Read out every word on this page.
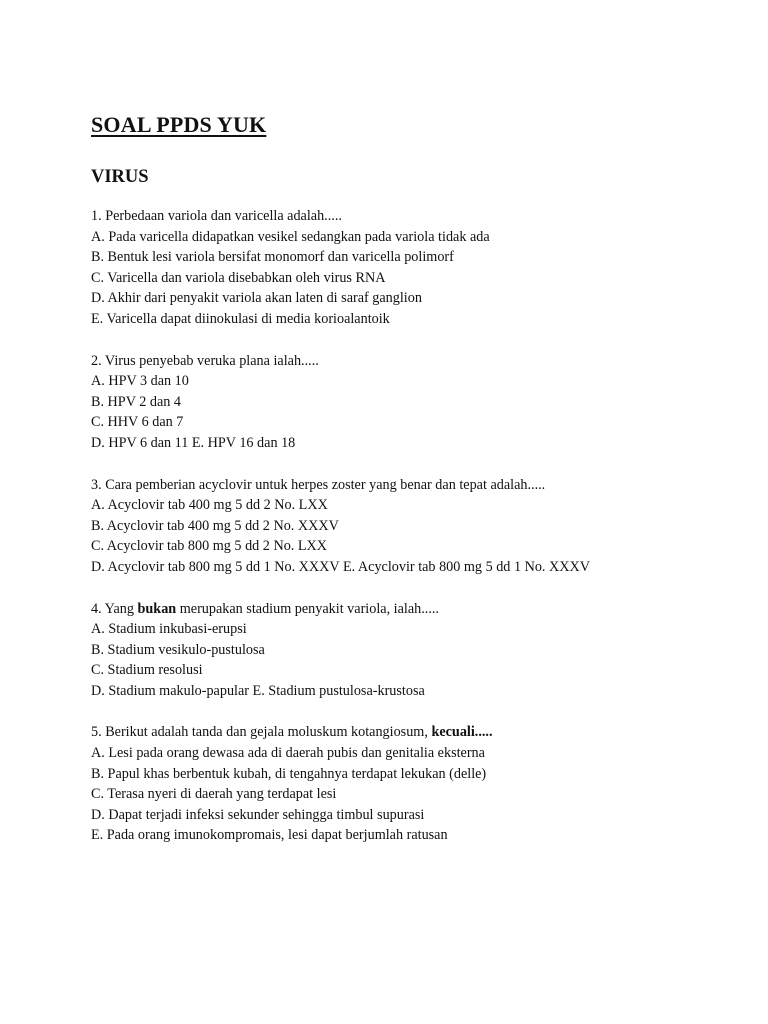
SOAL PPDS YUK
VIRUS
1. Perbedaan variola dan varicella adalah.....
A. Pada varicella didapatkan vesikel sedangkan pada variola tidak ada
B. Bentuk lesi variola bersifat monomorf dan varicella polimorf
C. Varicella dan variola disebabkan oleh virus RNA
D. Akhir dari penyakit variola akan laten di saraf ganglion
E. Varicella dapat diinokulasi di media korioalantoik
2. Virus penyebab veruka plana ialah.....
A. HPV 3 dan 10
B. HPV 2 dan 4
C. HHV 6 dan 7
D. HPV 6 dan 11 E. HPV 16 dan 18
3. Cara pemberian acyclovir untuk herpes zoster yang benar dan tepat adalah.....
A. Acyclovir tab 400 mg 5 dd 2 No. LXX
B. Acyclovir tab 400 mg 5 dd 2 No. XXXV
C. Acyclovir tab 800 mg 5 dd 2 No. LXX
D. Acyclovir tab 800 mg 5 dd 1 No. XXXV E. Acyclovir tab 800 mg 5 dd 1 No. XXXV
4. Yang bukan merupakan stadium penyakit variola, ialah.....
A. Stadium inkubasi-erupsi
B. Stadium vesikulo-pustulosa
C. Stadium resolusi
D. Stadium makulo-papular E. Stadium pustulosa-krustosa
5. Berikut adalah tanda dan gejala moluskum kotangiosum, kecuali.....
A. Lesi pada orang dewasa ada di daerah pubis dan genitalia eksterna
B. Papul khas berbentuk kubah, di tengahnya terdapat lekukan (delle)
C. Terasa nyeri di daerah yang terdapat lesi
D. Dapat terjadi infeksi sekunder sehingga timbul supurasi
E. Pada orang imunokompromais, lesi dapat berjumlah ratusan
